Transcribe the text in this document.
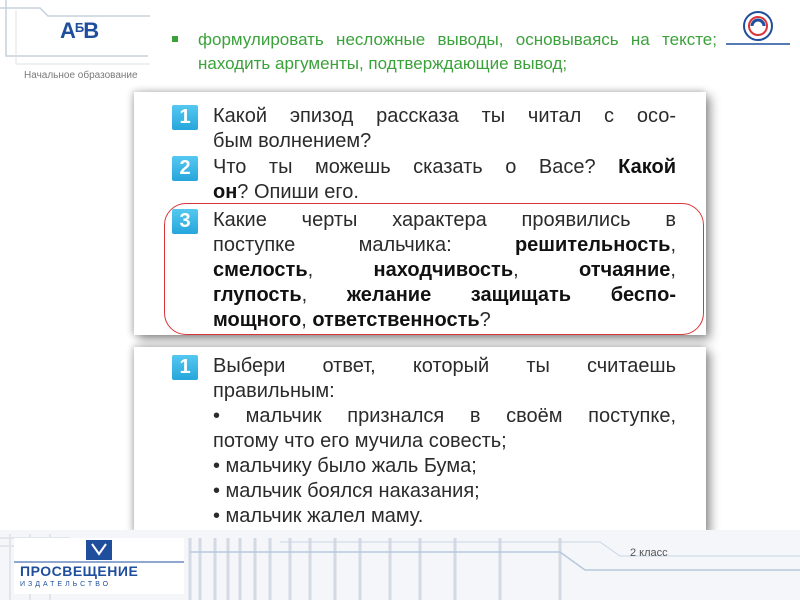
$А^БВ$
Начальное образование
формулировать несложные выводы, основываясь на тексте; находить аргументы, подтверждающие вывод;
1	Какой эпизод рассказа ты читал с осо-
бым волнением?
2	Что ты можешь сказать о Васе? Какой
он? Опиши его.
3	Какие черты характера проявились в
поступке мальчика: решительность,
смелость, находчивость, отчаяние,
глупость, желание защищать беспо-
мощного, ответственность?
1	Выбери ответ, который ты считаешь
правильным:
• мальчик признался в своём поступке,
потому что его мучила совесть;
• мальчику было жаль Бума;
• мальчик боялся наказания;
• мальчик жалел маму.
ПРОСВЕЩЕНИЕ
ИЗДАТЕЛЬСТВО
2 класс
